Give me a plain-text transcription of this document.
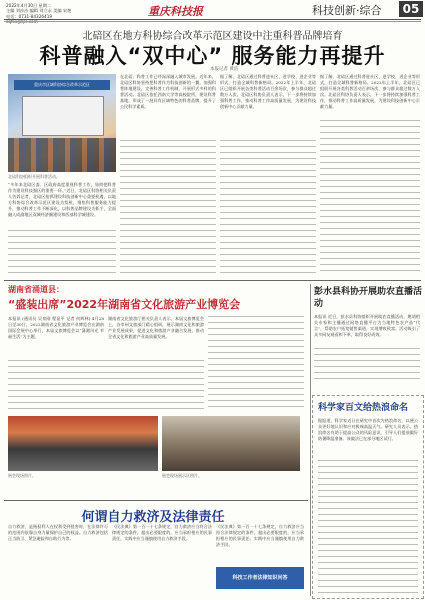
2022年4月30日 星期二
主编 刘沙沙 编辑 刘立永 美编 宋艳
电话：0731-84326419	重庆科技报	科技创新·综合	05
北碚区在地方科协综合改革示范区建设中注重科普品牌培育
科普融入“双中心” 服务能力再提升
本报记者 黄洁
重庆市区域科协综合改革示范区
北碚科协组织开展科普活动。
“多年来北碚区委、区政府高度重视科普工作，始终把科普作为建设科技强区的重要一环。”近日，北碚区科协相关负责人告诉记者，北碚区抢抓建设科技创新中心重要机遇，以地方科协综合改革示范区建设为契机，聚焦科普服务能力提升，推动科普工作不断深化，以科普品牌建设为抓手，全面融入成渝地区双城经济圈建设和西部科学城建设。
在北碚，科普工作已经深深融入城市发展。近年来，北碚区科协坚持把科普作为科技创新的一翼，加强科普阵地建设，完善科普工作机制，开展形式多样的科普活动。北碚区依托西南大学等高校院所，建设科普基地，形成了一批具有区域特色的科普品牌，提升了公民科学素质。
据了解，北碚区通过科普进社区、进学校、进企业等形式，打造全域科普新格局。2022年上半年，北碚区已组织开展各类科普活动百余场次，参与群众超过数万人次。北碚区科协负责人表示，下一步将持续加强科普工作，推动科普工作高质量发展，为建设科技创新中心贡献力量。
据了解，北碚区通过科普进社区、进学校、进企业等形式，打造全域科普新格局。2022年上半年，北碚区已组织开展各类科普活动百余场次，参与群众超过数万人次。北碚区科协负责人表示，下一步将持续加强科普工作，推动科普工作高质量发展，为建设科技创新中心贡献力量。
湖南省涌道县：
“盛装出席”2022年湖南省文化旅游产业博览会
本报讯 (通讯员 吴泉刚 程显平 记者 何辉林) 4月28日至30日，2022湖南省文化旅游产业博览会在湖南国际会展中心举行，本届文旅博览会以“潇湘风光 幸福生活”为主题。
湖南省文化旅游厅相关负责人表示，本届文旅博览会上，各市州文旅部门精心组织，展示湖南文化和旅游产业发展成果，促进文化和旅游产业融合发展，推动全省文化和旅游产业高质量发展。
展会现场图片。	展会现场展示区图片。
彭水县科协开展助农直播活动
本报讯 近日，彭水县科协组织开展助农直播活动，邀请相关专家和主播通过网络直播平台为当地特色农产品“代言”，帮助农户拓宽销售渠道，实现增收致富。活动吸引了众多网友观看和下单，取得良好成效。
科学家百文给热浪命名
据报道，科学家近日在研究中首次为热浪命名，以便公众更好地认识和应对极端高温天气。研究人员表示，热浪命名有助于提高公众的风险意识，引导人们提前做好防暑降温准备。该做法已在部分地区试行。
何谓自力救济及法律责任
自力救济，是指权利人在权利受到侵害时，在法律许可的范围内依靠自身力量保护自己的权益。自力救济包括正当防卫、紧急避险和自助行为等。
《民法典》第一百一十七条规定，自力救济应当符合法律规定的条件，超出必要限度的，应当承担相应的民事责任。实践中应当谨慎使用自力救济手段。
《民法典》第一百一十七条规定，自力救济应当符合法律规定的条件，超出必要限度的，应当承担相应的民事责任。实践中应当谨慎使用自力救济手段。
科技工作者法律知识问答
